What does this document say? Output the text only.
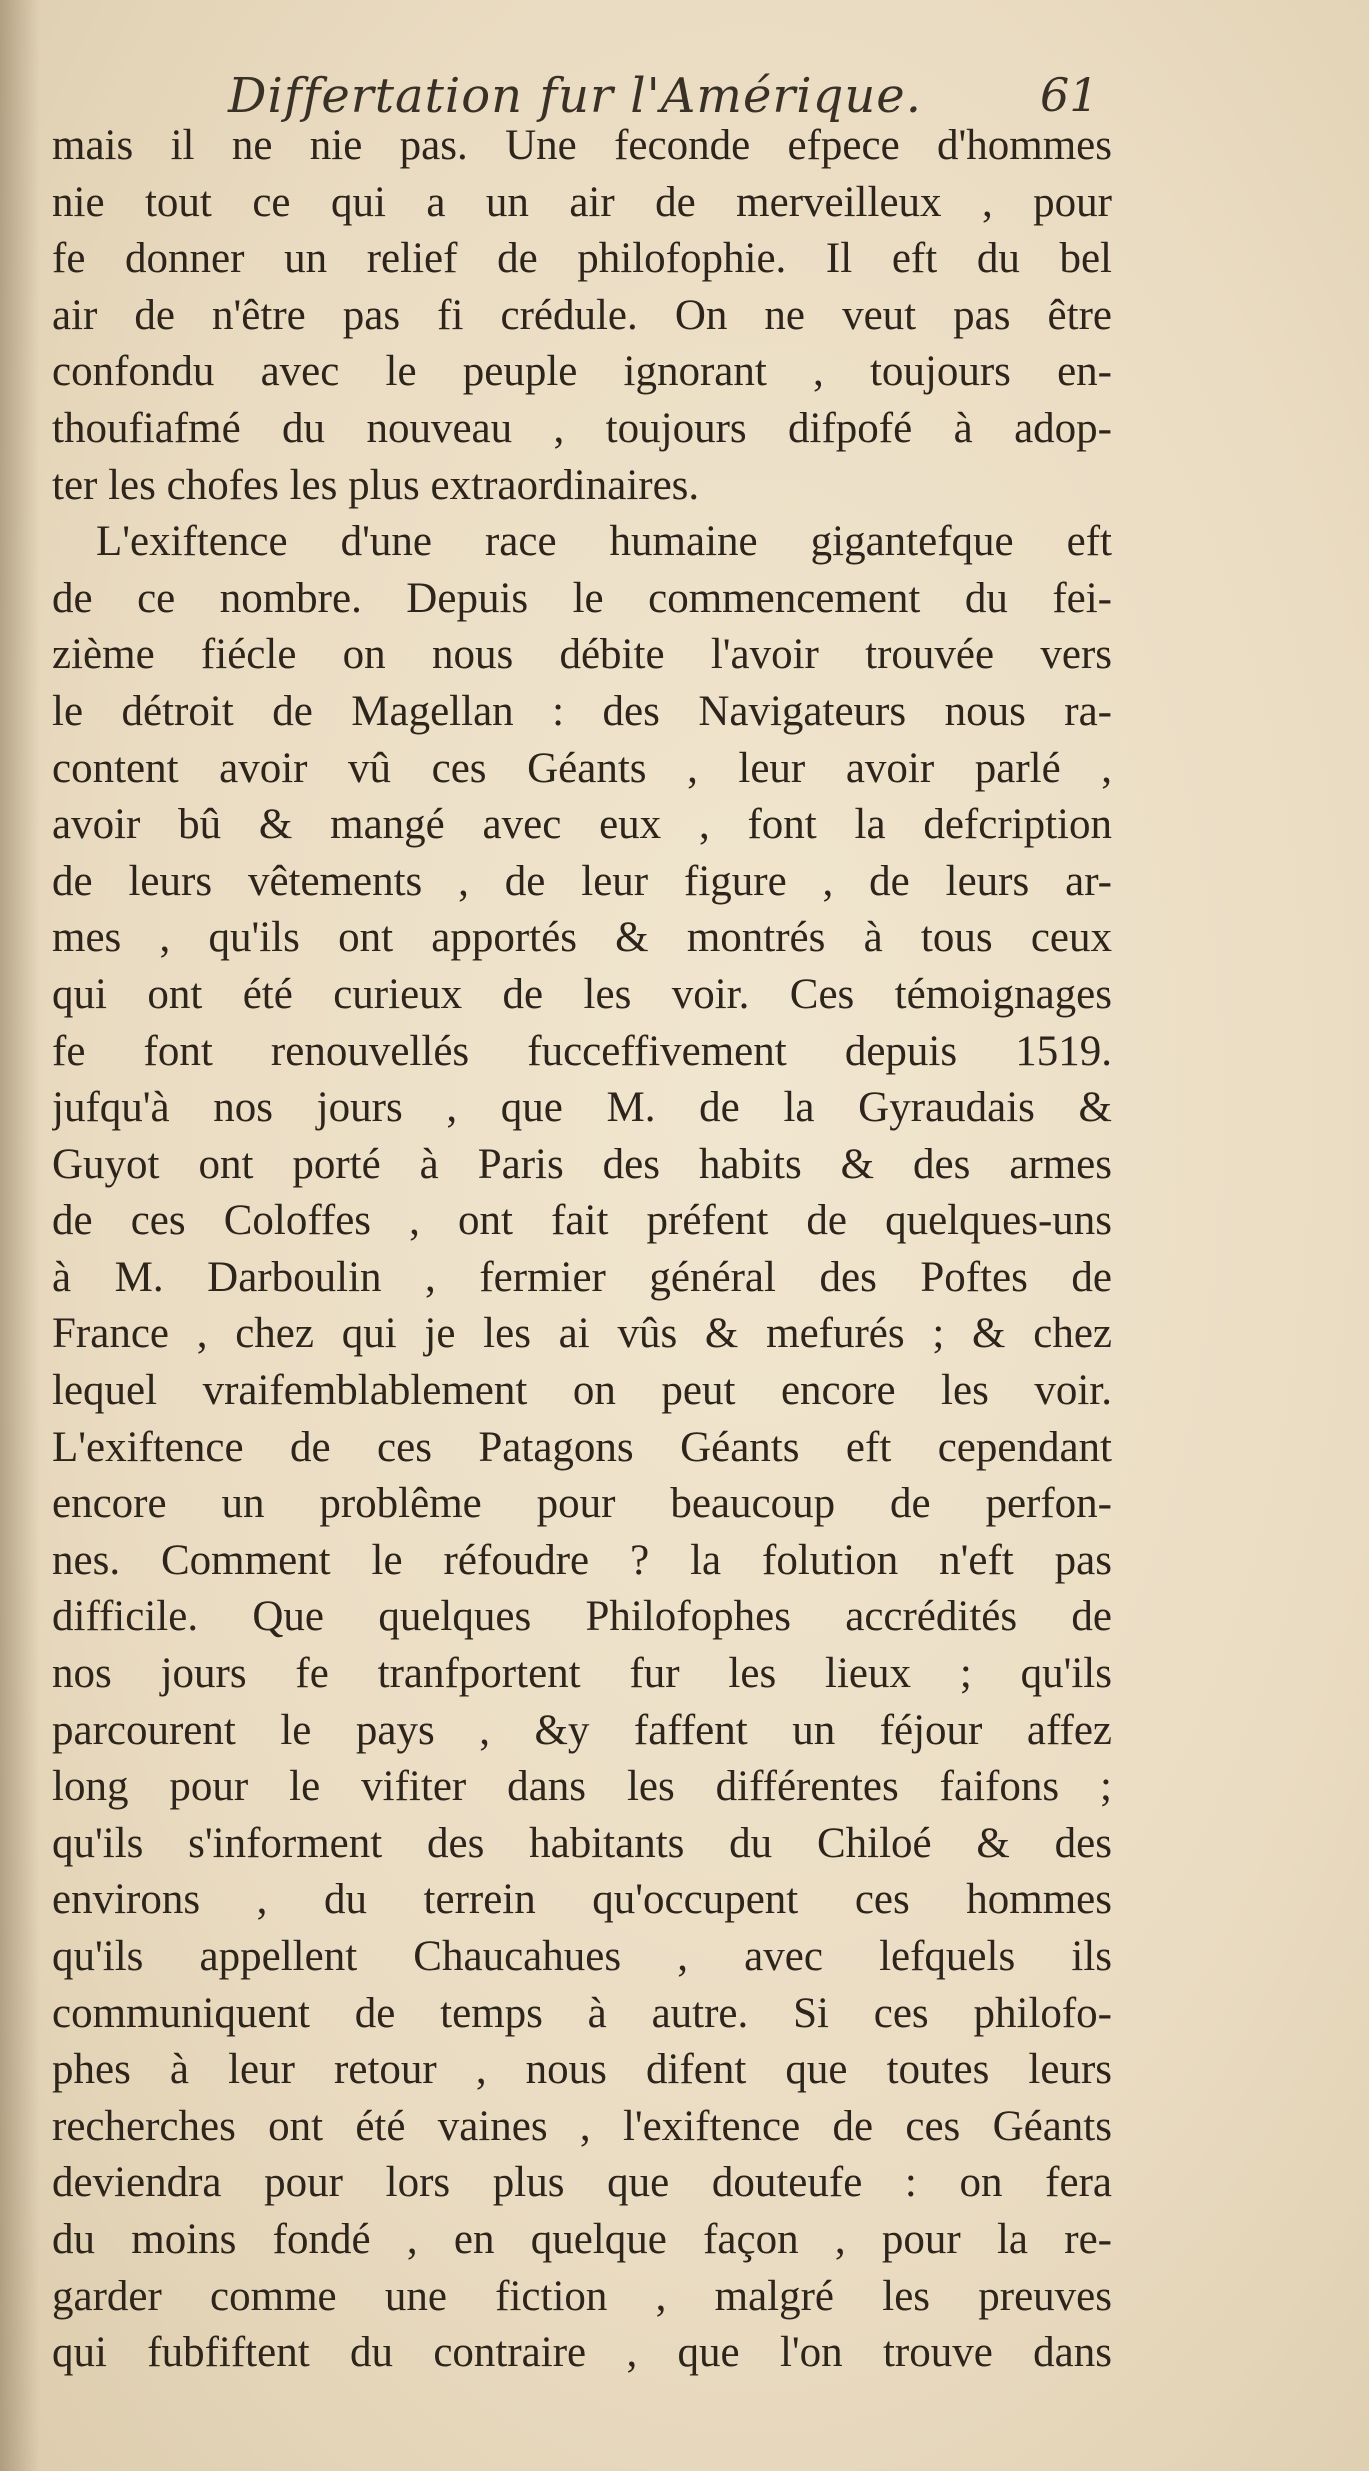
Differtation fur l'Amérique.	61
mais il ne nie pas. Une feconde efpece d'hommes
nie tout ce qui a un air de merveilleux , pour
fe donner un relief de philofophie. Il eft du bel
air de n'être pas fi crédule. On ne veut pas être
confondu avec le peuple ignorant , toujours en-
thoufiafmé du nouveau , toujours difpofé à adop-
ter les chofes les plus extraordinaires.
L'exiftence d'une race humaine gigantefque eft
de ce nombre. Depuis le commencement du fei-
zième fiécle on nous débite l'avoir trouvée vers
le détroit de Magellan : des Navigateurs nous ra-
content avoir vû ces Géants , leur avoir parlé ,
avoir bû & mangé avec eux , font la defcription
de leurs vêtements , de leur figure , de leurs ar-
mes , qu'ils ont apportés & montrés à tous ceux
qui ont été curieux de les voir. Ces témoignages
fe font renouvellés fucceffivement depuis 1519.
jufqu'à nos jours , que M. de la Gyraudais &
Guyot ont porté à Paris des habits & des armes
de ces Coloffes , ont fait préfent de quelques-uns
à M. Darboulin , fermier général des Poftes de
France , chez qui je les ai vûs & mefurés ; & chez
lequel vraifemblablement on peut encore les voir.
L'exiftence de ces Patagons Géants eft cependant
encore un problême pour beaucoup de perfon-
nes. Comment le réfoudre ? la folution n'eft pas
difficile. Que quelques Philofophes accrédités de
nos jours fe tranfportent fur les lieux ; qu'ils
parcourent le pays , &y faffent un féjour affez
long pour le vifiter dans les différentes faifons ;
qu'ils s'informent des habitants du Chiloé & des
environs , du terrein qu'occupent ces hommes
qu'ils appellent Chaucahues , avec lefquels ils
communiquent de temps à autre. Si ces philofo-
phes à leur retour , nous difent que toutes leurs
recherches ont été vaines , l'exiftence de ces Géants
deviendra pour lors plus que douteufe : on fera
du moins fondé , en quelque façon , pour la re-
garder comme une fiction , malgré les preuves
qui fubfiftent du contraire , que l'on trouve dans
